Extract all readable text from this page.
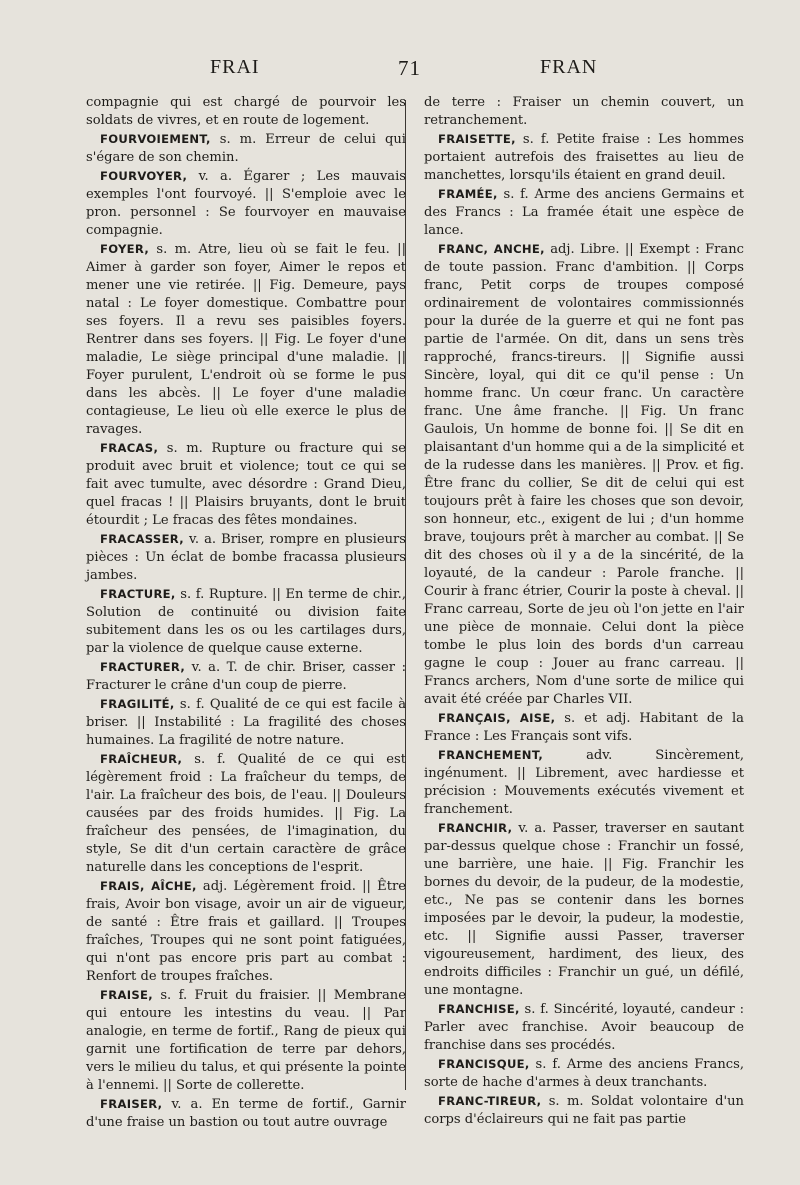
FRAI	71	FRAN

compagnie qui est chargé de pourvoir les soldats de vivres, et en route de logement.

FOURVOIEMENT, s. m. Erreur de celui qui s'égare de son chemin.

FOURVOYER, v. a. Égarer ; Les mauvais exemples l'ont fourvoyé. || S'emploie avec le pron. personnel : Se fourvoyer en mauvaise compagnie.

FOYER, s. m. Atre, lieu où se fait le feu. || Aimer à garder son foyer, Aimer le repos et mener une vie retirée. || Fig. Demeure, pays natal : Le foyer domestique. Combattre pour ses foyers. Il a revu ses paisibles foyers. Rentrer dans ses foyers. || Fig. Le foyer d'une maladie, Le siège principal d'une maladie. || Foyer purulent, L'endroit où se forme le pus dans les abcès. || Le foyer d'une maladie contagieuse, Le lieu où elle exerce le plus de ravages.

FRACAS, s. m. Rupture ou fracture qui se produit avec bruit et violence; tout ce qui se fait avec tumulte, avec désordre : Grand Dieu, quel fracas ! || Plaisirs bruyants, dont le bruit étourdit ; Le fracas des fêtes mondaines.

FRACASSER, v. a. Briser, rompre en plusieurs pièces : Un éclat de bombe fracassa plusieurs jambes.

FRACTURE, s. f. Rupture. || En terme de chir., Solution de continuité ou division faite subitement dans les os ou les cartilages durs, par la violence de quelque cause externe.

FRACTURER, v. a. T. de chir. Briser, casser : Fracturer le crâne d'un coup de pierre.

FRAGILITÉ, s. f. Qualité de ce qui est facile à briser. || Instabilité : La fragilité des choses humaines. La fragilité de notre nature.

FRAÎCHEUR, s. f. Qualité de ce qui est légèrement froid : La fraîcheur du temps, de l'air. La fraîcheur des bois, de l'eau. || Douleurs causées par des froids humides. || Fig. La fraîcheur des pensées, de l'imagination, du style, Se dit d'un certain caractère de grâce naturelle dans les conceptions de l'esprit.

FRAIS, AÎCHE, adj. Légèrement froid. || Être frais, Avoir bon visage, avoir un air de vigueur, de santé : Être frais et gaillard. || Troupes fraîches, Troupes qui ne sont point fatiguées, qui n'ont pas encore pris part au combat : Renfort de troupes fraîches.

FRAISE, s. f. Fruit du fraisier. || Membrane qui entoure les intestins du veau. || Par analogie, en terme de fortif., Rang de pieux qui garnit une fortification de terre par dehors, vers le milieu du talus, et qui présente la pointe à l'ennemi. || Sorte de collerette.

FRAISER, v. a. En terme de fortif., Garnir d'une fraise un bastion ou tout autre ouvrage

de terre : Fraiser un chemin couvert, un retranchement.

FRAISETTE, s. f. Petite fraise : Les hommes portaient autrefois des fraisettes au lieu de manchettes, lorsqu'ils étaient en grand deuil.

FRAMÉE, s. f. Arme des anciens Germains et des Francs : La framée était une espèce de lance.

FRANC, ANCHE, adj. Libre. || Exempt : Franc de toute passion. Franc d'ambition. || Corps franc, Petit corps de troupes composé ordinairement de volontaires commissionnés pour la durée de la guerre et qui ne font pas partie de l'armée. On dit, dans un sens très rapproché, francs-tireurs. || Signifie aussi Sincère, loyal, qui dit ce qu'il pense : Un homme franc. Un cœur franc. Un caractère franc. Une âme franche. || Fig. Un franc Gaulois, Un homme de bonne foi. || Se dit en plaisantant d'un homme qui a de la simplicité et de la rudesse dans les manières. || Prov. et fig. Être franc du collier, Se dit de celui qui est toujours prêt à faire les choses que son devoir, son honneur, etc., exigent de lui ; d'un homme brave, toujours prêt à marcher au combat. || Se dit des choses où il y a de la sincérité, de la loyauté, de la candeur : Parole franche. || Courir à franc étrier, Courir la poste à cheval. || Franc carreau, Sorte de jeu où l'on jette en l'air une pièce de monnaie. Celui dont la pièce tombe le plus loin des bords d'un carreau gagne le coup : Jouer au franc carreau. || Francs archers, Nom d'une sorte de milice qui avait été créée par Charles VII.

FRANÇAIS, AISE, s. et adj. Habitant de la France : Les Français sont vifs.

FRANCHEMENT, adv. Sincèrement, ingénument. || Librement, avec hardiesse et précision : Mouvements exécutés vivement et franchement.

FRANCHIR, v. a. Passer, traverser en sautant par-dessus quelque chose : Franchir un fossé, une barrière, une haie. || Fig. Franchir les bornes du devoir, de la pudeur, de la modestie, etc., Ne pas se contenir dans les bornes imposées par le devoir, la pudeur, la modestie, etc. || Signifie aussi Passer, traverser vigoureusement, hardiment, des lieux, des endroits difficiles : Franchir un gué, un défilé, une montagne.

FRANCHISE, s. f. Sincérité, loyauté, candeur : Parler avec franchise. Avoir beaucoup de franchise dans ses procédés.

FRANCISQUE, s. f. Arme des anciens Francs, sorte de hache d'armes à deux tranchants.

FRANC-TIREUR, s. m. Soldat volontaire d'un corps d'éclaireurs qui ne fait pas partie
